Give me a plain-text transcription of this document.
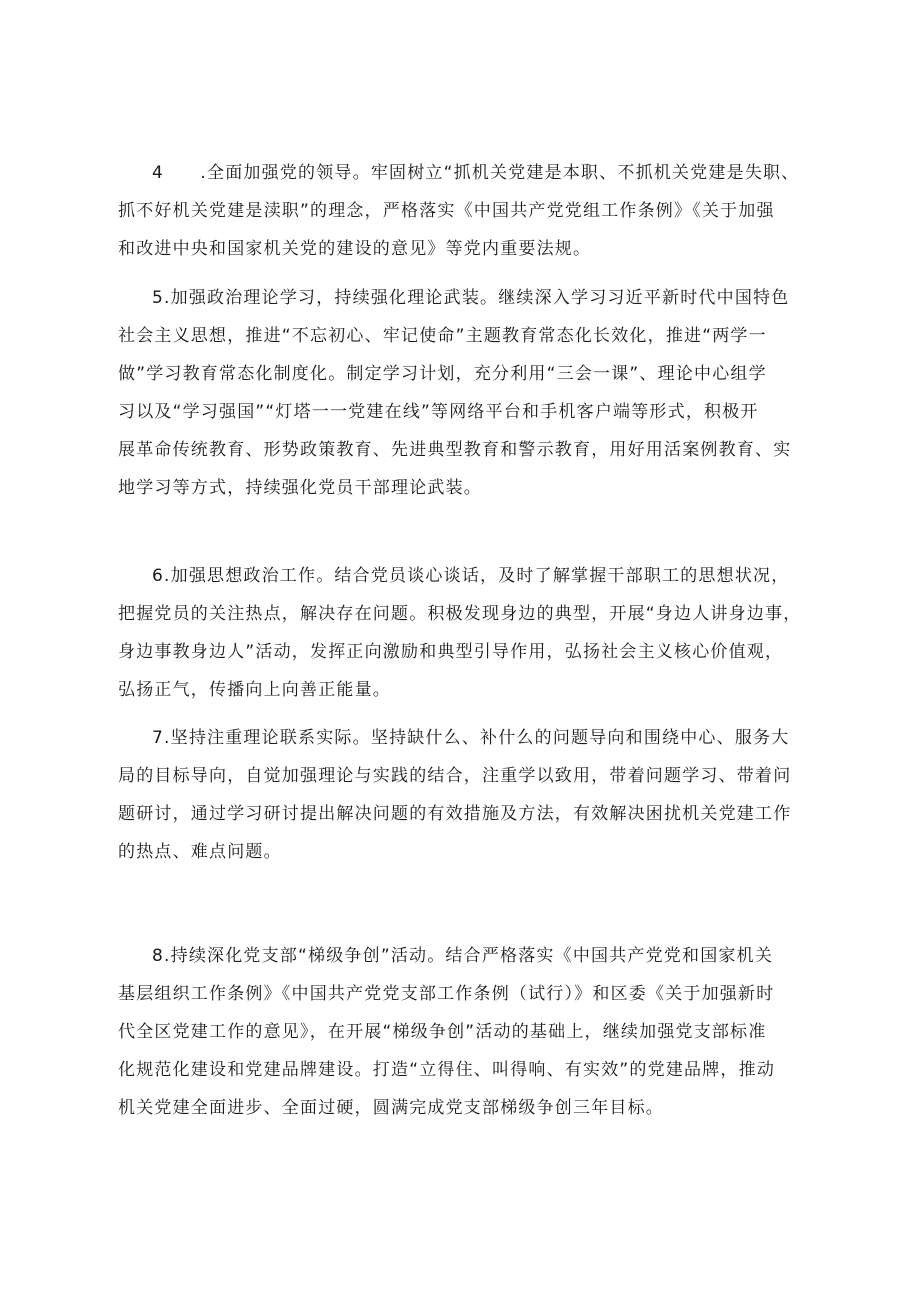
4　　.全面加强党的领导。牢固树立“抓机关党建是本职、不抓机关党建是失职、
抓不好机关党建是渎职”的理念，严格落实《中国共产党党组工作条例》《关于加强
和改进中央和国家机关党的建设的意见》等党内重要法规。
5.加强政治理论学习，持续强化理论武装。继续深入学习习近平新时代中国特色
社会主义思想，推进“不忘初心、牢记使命”主题教育常态化长效化，推进“两学一
做”学习教育常态化制度化。制定学习计划，充分利用“三会一课”、理论中心组学
习以及“学习强国”“灯塔一一党建在线”等网络平台和手机客户端等形式，积极开
展革命传统教育、形势政策教育、先进典型教育和警示教育，用好用活案例教育、实
地学习等方式，持续强化党员干部理论武装。
6.加强思想政治工作。结合党员谈心谈话，及时了解掌握干部职工的思想状况，
把握党员的关注热点，解决存在问题。积极发现身边的典型，开展“身边人讲身边事，
身边事教身边人”活动，发挥正向激励和典型引导作用，弘扬社会主义核心价值观，
弘扬正气，传播向上向善正能量。
7.坚持注重理论联系实际。坚持缺什么、补什么的问题导向和围绕中心、服务大
局的目标导向，自觉加强理论与实践的结合，注重学以致用，带着问题学习、带着问
题研讨，通过学习研讨提出解决问题的有效措施及方法，有效解决困扰机关党建工作
的热点、难点问题。
8.持续深化党支部“梯级争创”活动。结合严格落实《中国共产党党和国家机关
基层组织工作条例》《中国共产党党支部工作条例（试行）》和区委《关于加强新时
代全区党建工作的意见》，在开展“梯级争创”活动的基础上，继续加强党支部标准
化规范化建设和党建品牌建设。打造“立得住、叫得响、有实效”的党建品牌，推动
机关党建全面进步、全面过硬，圆满完成党支部梯级争创三年目标。
